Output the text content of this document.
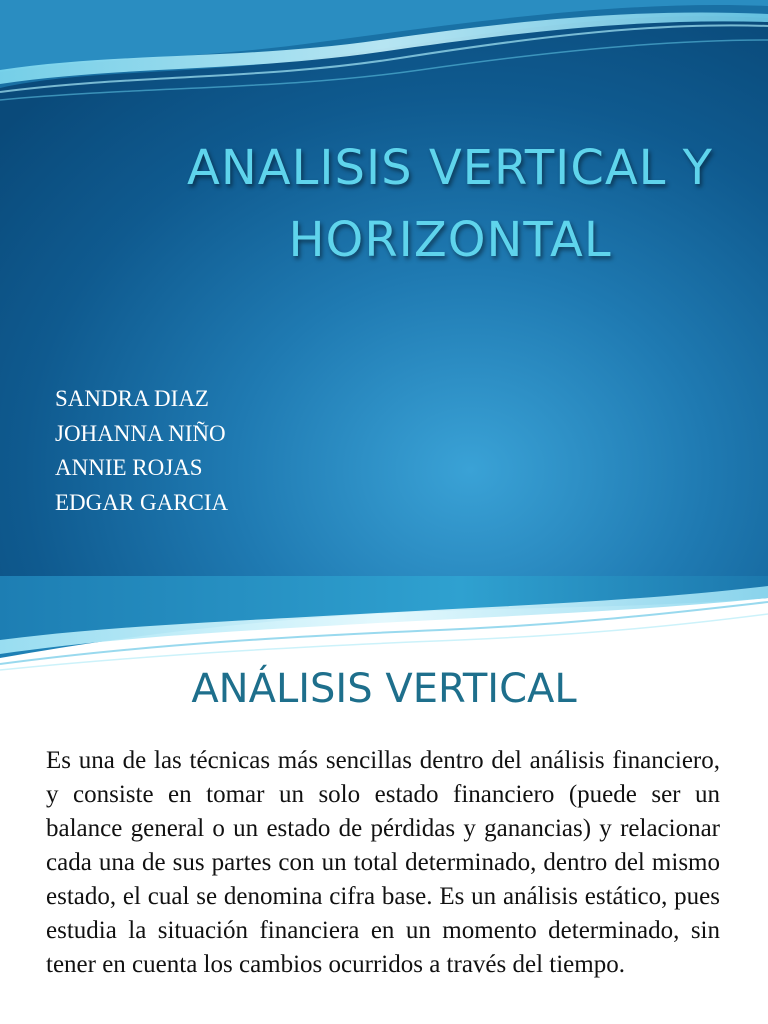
ANALISIS VERTICAL Y HORIZONTAL
SANDRA DIAZ
JOHANNA NIÑO
ANNIE ROJAS
EDGAR GARCIA
ANÁLISIS VERTICAL

Es una de las técnicas más sencillas dentro del análisis financiero, y consiste en tomar un solo estado financiero (puede ser un balance general o un estado de pérdidas y ganancias) y relacionar cada una de sus partes con un total determinado, dentro del mismo estado, el cual se denomina cifra base. Es un análisis estático, pues estudia la situación financiera en un momento determinado, sin tener en cuenta los cambios ocurridos a través del tiempo.
